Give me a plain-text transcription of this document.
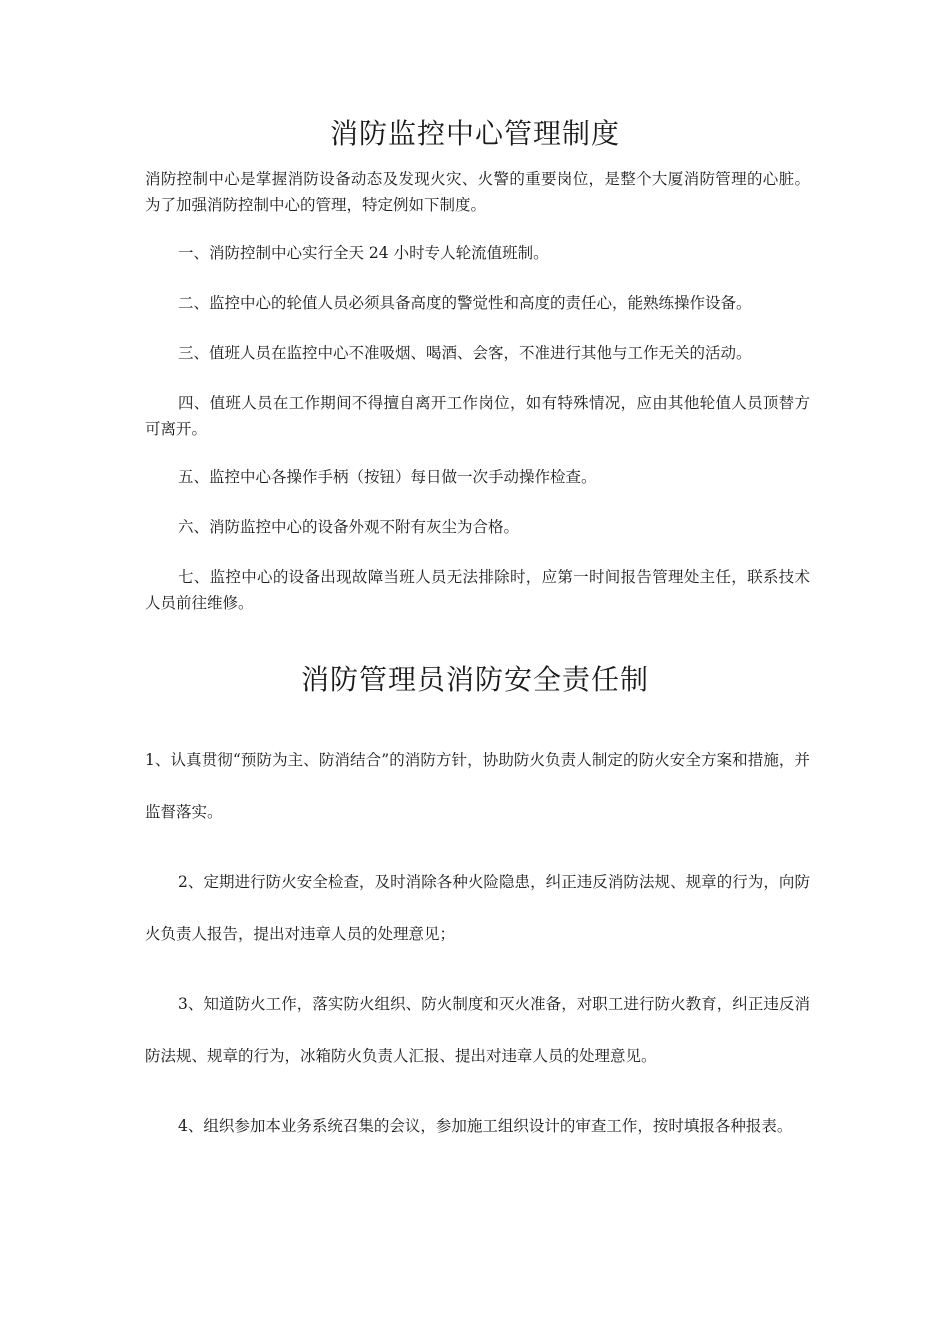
消防监控中心管理制度

消防控制中心是掌握消防设备动态及发现火灾、火警的重要岗位，是整个大厦消防管理的心脏。为了加强消防控制中心的管理，特定例如下制度。

一、消防控制中心实行全天 24 小时专人轮流值班制。

二、监控中心的轮值人员必须具备高度的警觉性和高度的责任心，能熟练操作设备。

三、值班人员在监控中心不准吸烟、喝酒、会客，不准进行其他与工作无关的活动。

四、值班人员在工作期间不得擅自离开工作岗位，如有特殊情况，应由其他轮值人员顶替方可离开。

五、监控中心各操作手柄（按钮）每日做一次手动操作检查。

六、消防监控中心的设备外观不附有灰尘为合格。

七、监控中心的设备出现故障当班人员无法排除时，应第一时间报告管理处主任，联系技术人员前往维修。

消防管理员消防安全责任制

1、认真贯彻“预防为主、防消结合”的消防方针，协助防火负责人制定的防火安全方案和措施，并监督落实。

2、定期进行防火安全检查，及时消除各种火险隐患，纠正违反消防法规、规章的行为，向防火负责人报告，提出对违章人员的处理意见；

3、知道防火工作，落实防火组织、防火制度和灭火准备，对职工进行防火教育，纠正违反消防法规、规章的行为，冰箱防火负责人汇报、提出对违章人员的处理意见。

4、组织参加本业务系统召集的会议，参加施工组织设计的审查工作，按时填报各种报表。
